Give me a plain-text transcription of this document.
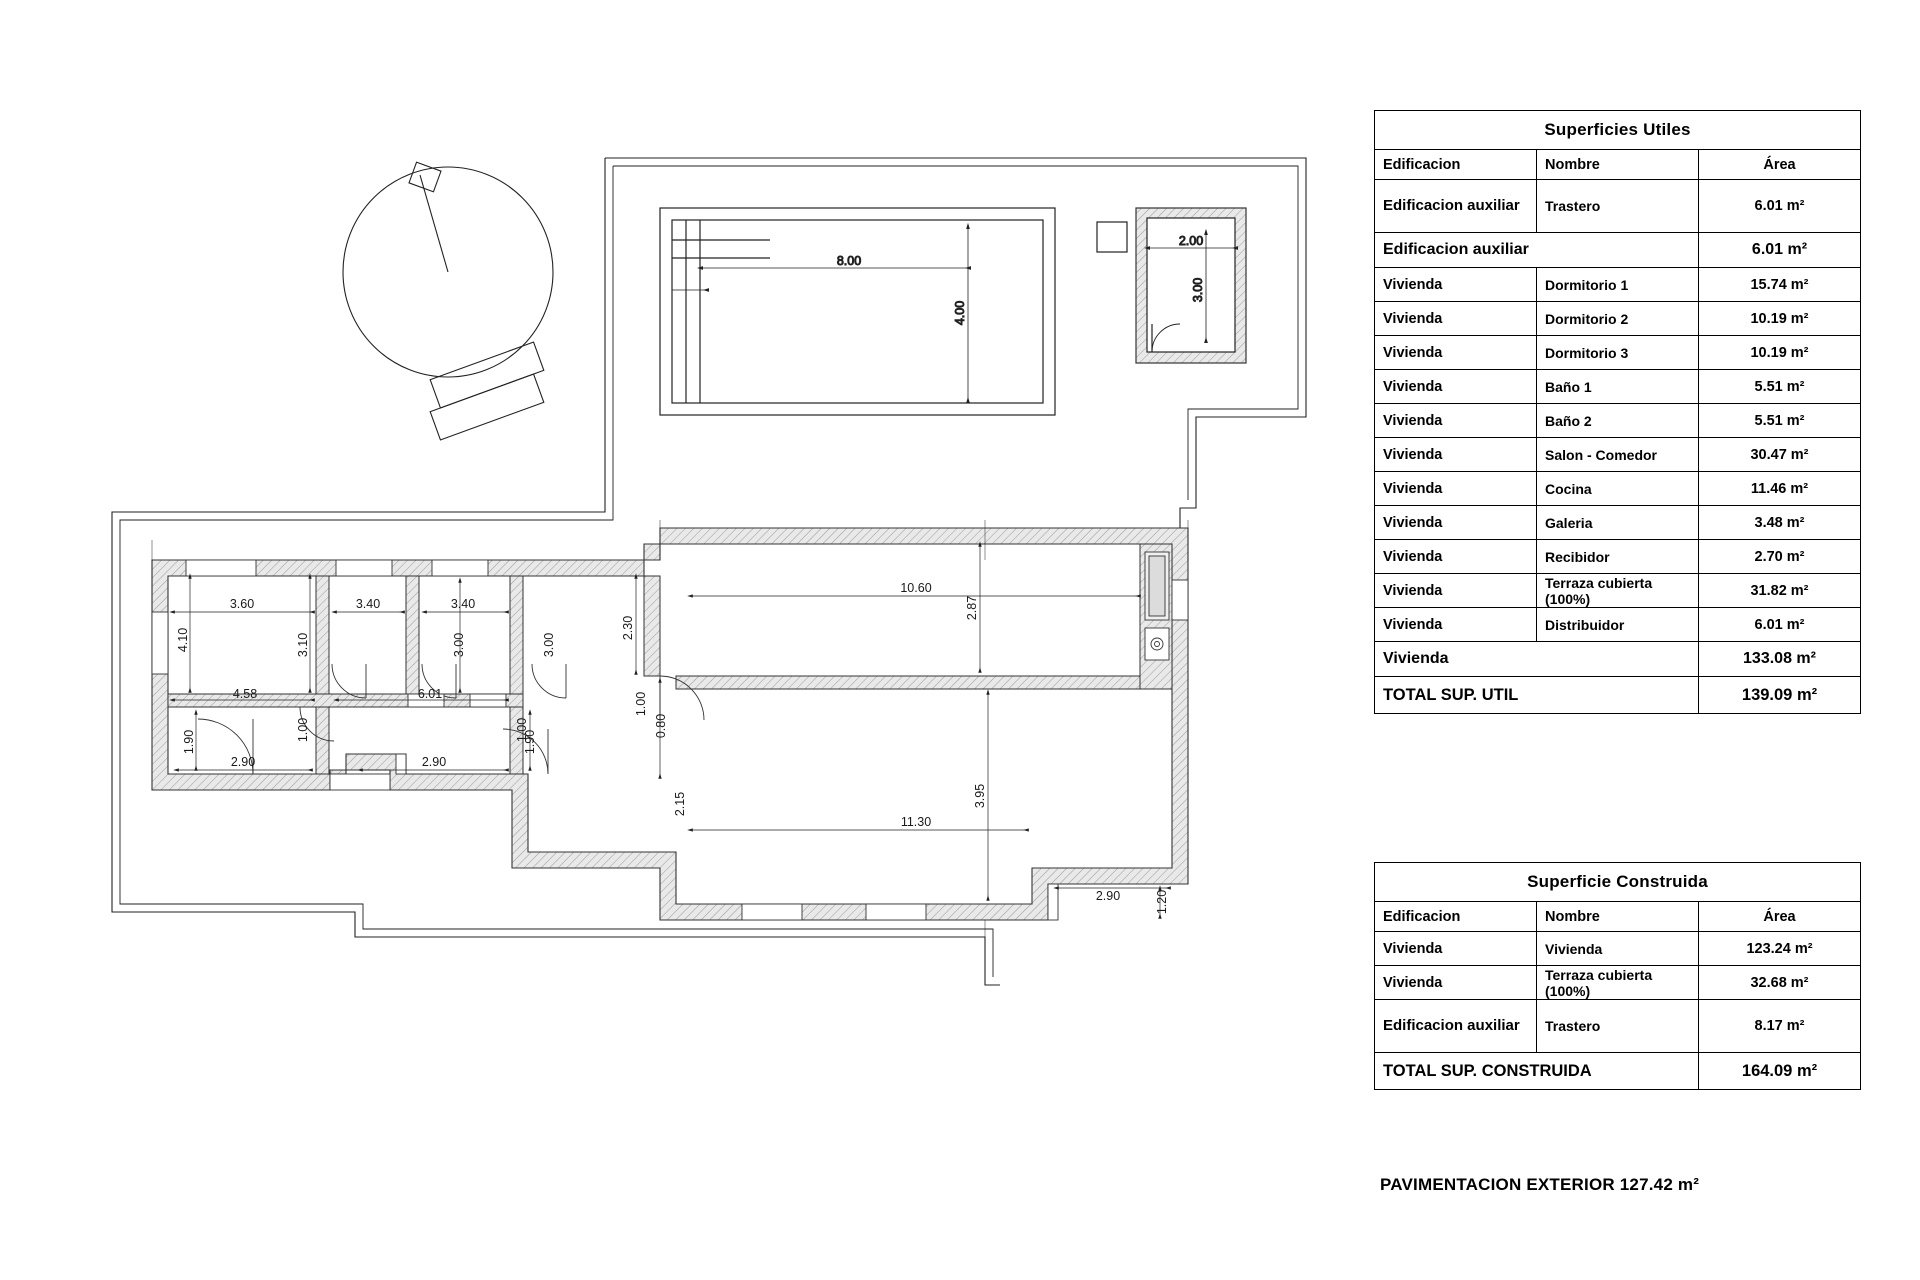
8.00
4.00
2.00
3.00
3.60
4.10	3.10
3.40
3.00
3.40
3.00
4.58
1.00
6.01
1.00
2.90
1.90
2.90
1.90
2.30
0.80
1.00
2.15
10.60
2.87
3.95
11.30
2.90	1.20
Superficies Utiles		
Edificacion	Nombre	Área
Edificacion auxiliar	Trastero	6.01 m²
Edificacion auxiliar		6.01 m²
Vivienda	Dormitorio 1	15.74 m²
Vivienda	Dormitorio 2	10.19 m²
Vivienda	Dormitorio 3	10.19 m²
Vivienda	Baño 1	5.51 m²
Vivienda	Baño 2	5.51 m²
Vivienda	Salon - Comedor	30.47 m²
Vivienda	Cocina	11.46 m²
Vivienda	Galeria	3.48 m²
Vivienda	Recibidor	2.70 m²
Vivienda	Terraza cubierta (100%)	31.82 m²
Vivienda	Distribuidor	6.01 m²
Vivienda		133.08 m²
TOTAL SUP. UTIL		139.09 m²
Superficie Construida		
Edificacion	Nombre	Área
Vivienda	Vivienda	123.24 m²
Vivienda	Terraza cubierta (100%)	32.68 m²
Edificacion auxiliar	Trastero	8.17 m²
TOTAL SUP. CONSTRUIDA		164.09 m²
PAVIMENTACION EXTERIOR 127.42 m²
